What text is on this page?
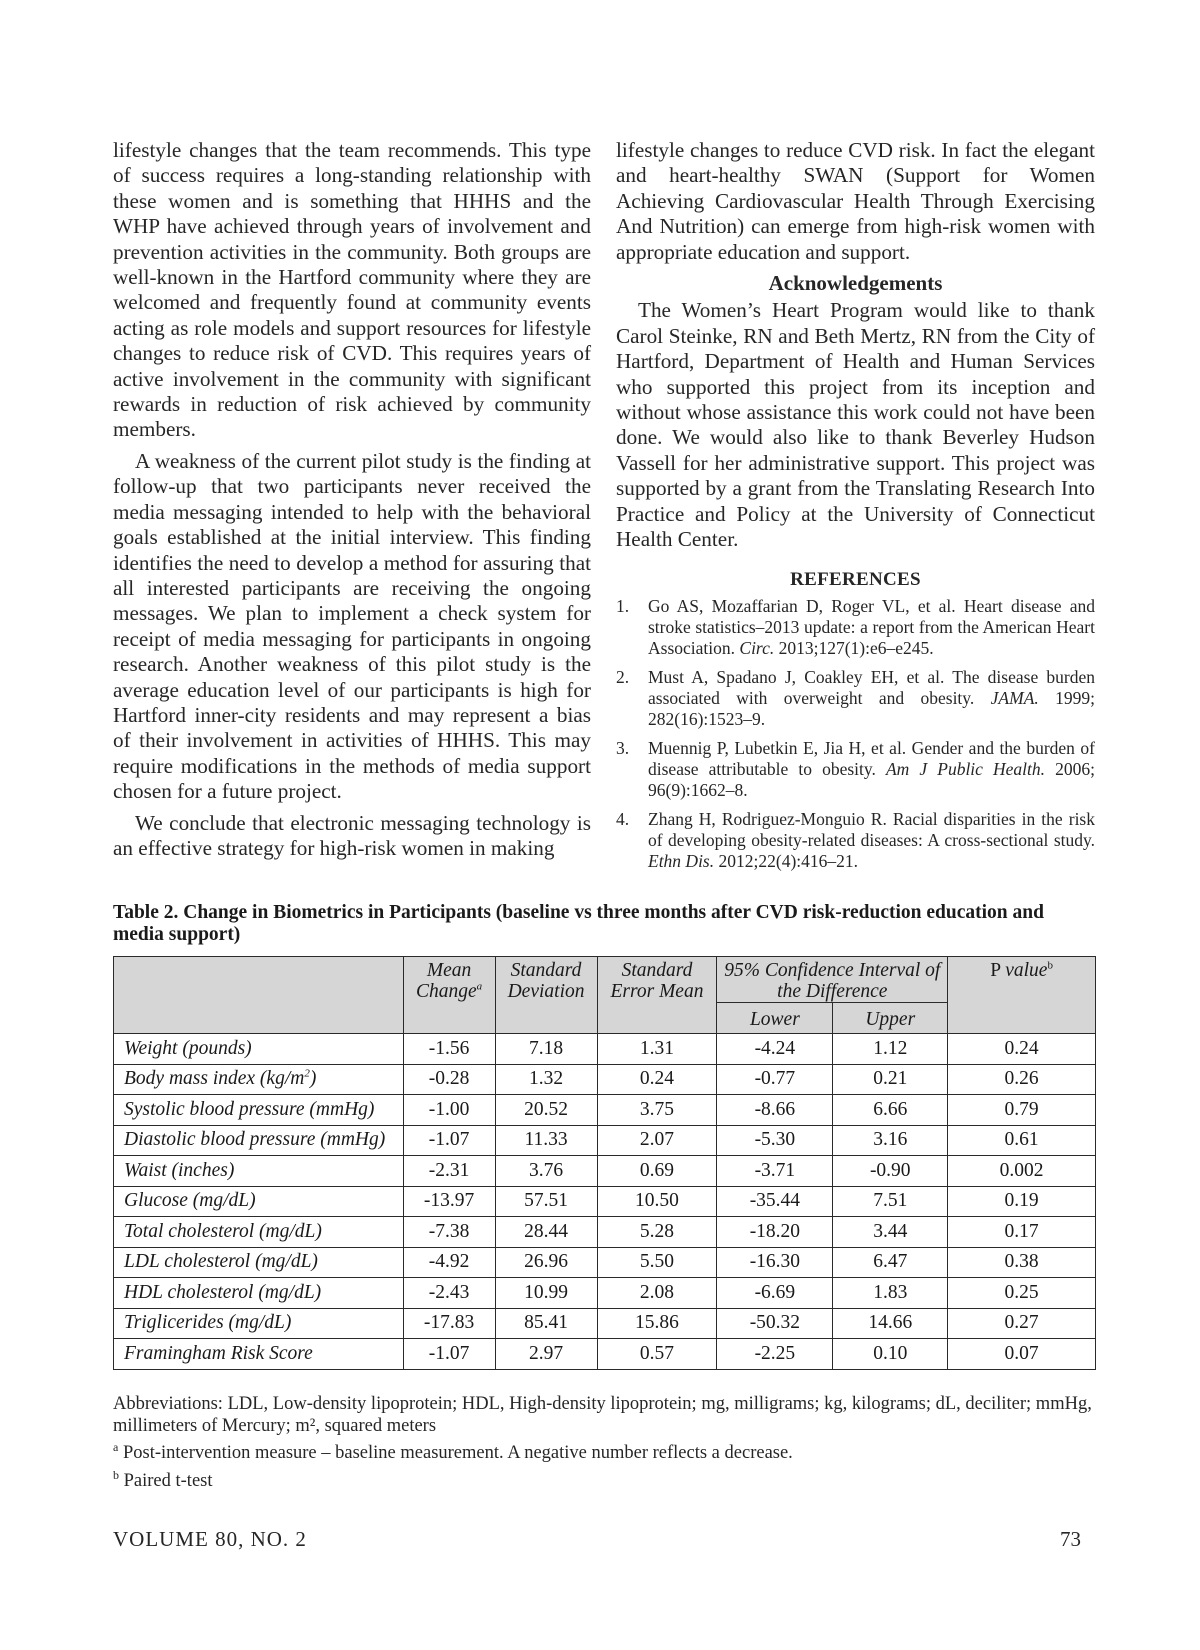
lifestyle changes that the team recommends. This type of success requires a long-standing relationship with these women and is something that HHHS and the WHP have achieved through years of involvement and prevention activities in the community. Both groups are well-known in the Hartford community where they are welcomed and frequently found at community events acting as role models and support resources for lifestyle changes to reduce risk of CVD. This requires years of active involvement in the community with significant rewards in reduction of risk achieved by community members.

A weakness of the current pilot study is the finding at follow-up that two participants never received the media messaging intended to help with the behavioral goals established at the initial interview. This finding identifies the need to develop a method for assuring that all interested participants are receiving the ongoing messages. We plan to implement a check system for receipt of media messaging for participants in ongoing research. Another weakness of this pilot study is the average education level of our participants is high for Hartford inner-city residents and may represent a bias of their involvement in activities of HHHS. This may require modifications in the methods of media support chosen for a future project.

We conclude that electronic messaging technology is an effective strategy for high-risk women in making

lifestyle changes to reduce CVD risk. In fact the elegant and heart-healthy SWAN (Support for Women Achieving Cardiovascular Health Through Exercising And Nutrition) can emerge from high-risk women with appropriate education and support.

Acknowledgements

The Women’s Heart Program would like to thank Carol Steinke, RN and Beth Mertz, RN from the City of Hartford, Department of Health and Human Services who supported this project from its inception and without whose assistance this work could not have been done. We would also like to thank Beverley Hudson Vassell for her administrative support. This project was supported by a grant from the Translating Research Into Practice and Policy at the University of Connecticut Health Center.

REFERENCES
1. Go AS, Mozaffarian D, Roger VL, et al. Heart disease and stroke statistics–2013 update: a report from the American Heart Association. Circ. 2013;127(1):e6–e245.
2. Must A, Spadano J, Coakley EH, et al. The disease burden associated with overweight and obesity. JAMA. 1999; 282(16):1523–9.
3. Muennig P, Lubetkin E, Jia H, et al. Gender and the burden of disease attributable to obesity. Am J Public Health. 2006; 96(9):1662–8.
4. Zhang H, Rodriguez-Monguio R. Racial disparities in the risk of developing obesity-related diseases: A cross-sectional study. Ethn Dis. 2012;22(4):416–21.
Table 2. Change in Biometrics in Participants (baseline vs three months after CVD risk-reduction education and media support)
	Mean Change$^a$	Standard Deviation	Standard Error Mean	95% Confidence Interval of the Difference		P value$^b$
				Lower	Upper	
Weight (pounds)	-1.56	7.18	1.31	-4.24	1.12	0.24
Body mass index $(kg/m^2)$	-0.28	1.32	0.24	-0.77	0.21	0.26
Systolic blood pressure (mmHg)	-1.00	20.52	3.75	-8.66	6.66	0.79
Diastolic blood pressure (mmHg)	-1.07	11.33	2.07	-5.30	3.16	0.61
Waist (inches)	-2.31	3.76	0.69	-3.71	-0.90	0.002
Glucose (mg/dL)	-13.97	57.51	10.50	-35.44	7.51	0.19
Total cholesterol (mg/dL)	-7.38	28.44	5.28	-18.20	3.44	0.17
LDL cholesterol (mg/dL)	-4.92	26.96	5.50	-16.30	6.47	0.38
HDL cholesterol (mg/dL)	-2.43	10.99	2.08	-6.69	1.83	0.25
Triglicerides (mg/dL)	-17.83	85.41	15.86	-50.32	14.66	0.27
Framingham Risk Score	-1.07	2.97	0.57	-2.25	0.10	0.07
Abbreviations: LDL, Low-density lipoprotein; HDL, High-density lipoprotein; mg, milligrams; kg, kilograms; dL, deciliter; mmHg, millimeters of Mercury; m², squared meters
$^a$ Post-intervention measure – baseline measurement. A negative number reflects a decrease.
$^b$ Paired t-test
VOLUME 80, NO. 2	73
